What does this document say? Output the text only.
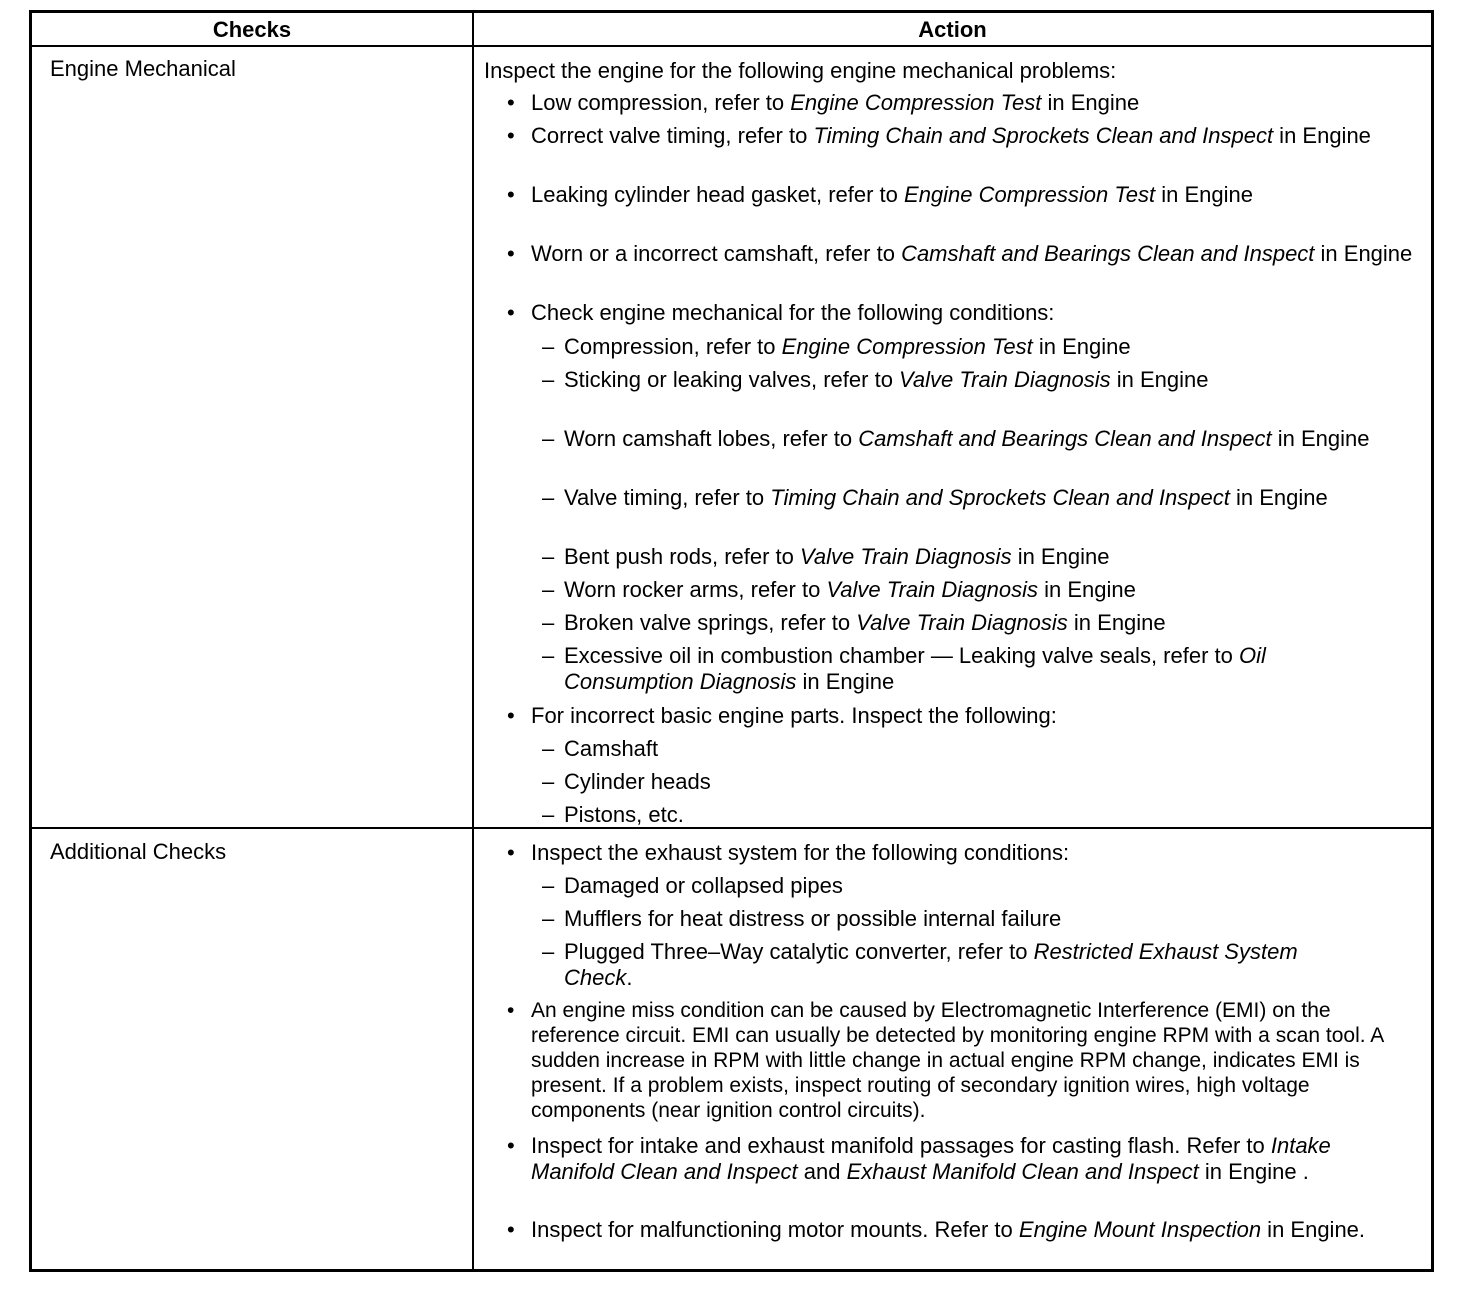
Checks	Action
Engine Mechanical	Inspect the engine for the following engine mechanical problems:
• Low compression, refer to Engine Compression Test in Engine
• Correct valve timing, refer to Timing Chain and Sprockets Clean and Inspect in Engine
• Leaking cylinder head gasket, refer to Engine Compression Test in Engine
• Worn or a incorrect camshaft, refer to Camshaft and Bearings Clean and Inspect in Engine
• Check engine mechanical for the following conditions:
– Compression, refer to Engine Compression Test in Engine
– Sticking or leaking valves, refer to Valve Train Diagnosis in Engine
– Worn camshaft lobes, refer to Camshaft and Bearings Clean and Inspect in Engine
– Valve timing, refer to Timing Chain and Sprockets Clean and Inspect in Engine
– Bent push rods, refer to Valve Train Diagnosis in Engine
– Worn rocker arms, refer to Valve Train Diagnosis in Engine
– Broken valve springs, refer to Valve Train Diagnosis in Engine
– Excessive oil in combustion chamber — Leaking valve seals, refer to Oil Consumption Diagnosis in Engine
• For incorrect basic engine parts. Inspect the following:
– Camshaft
– Cylinder heads
– Pistons, etc.
Additional Checks
•	Inspect the exhaust system for the following conditions:
– Damaged or collapsed pipes
– Mufflers for heat distress or possible internal failure
– Plugged Three–Way catalytic converter, refer to Restricted Exhaust System Check.
• An engine miss condition can be caused by Electromagnetic Interference (EMI) on the reference circuit. EMI can usually be detected by monitoring engine RPM with a scan tool. A sudden increase in RPM with little change in actual engine RPM change, indicates EMI is present. If a problem exists, inspect routing of secondary ignition wires, high voltage components (near ignition control circuits).
• Inspect for intake and exhaust manifold passages for casting flash. Refer to Intake Manifold Clean and Inspect and Exhaust Manifold Clean and Inspect in Engine .
• Inspect for malfunctioning motor mounts. Refer to Engine Mount Inspection in Engine.
